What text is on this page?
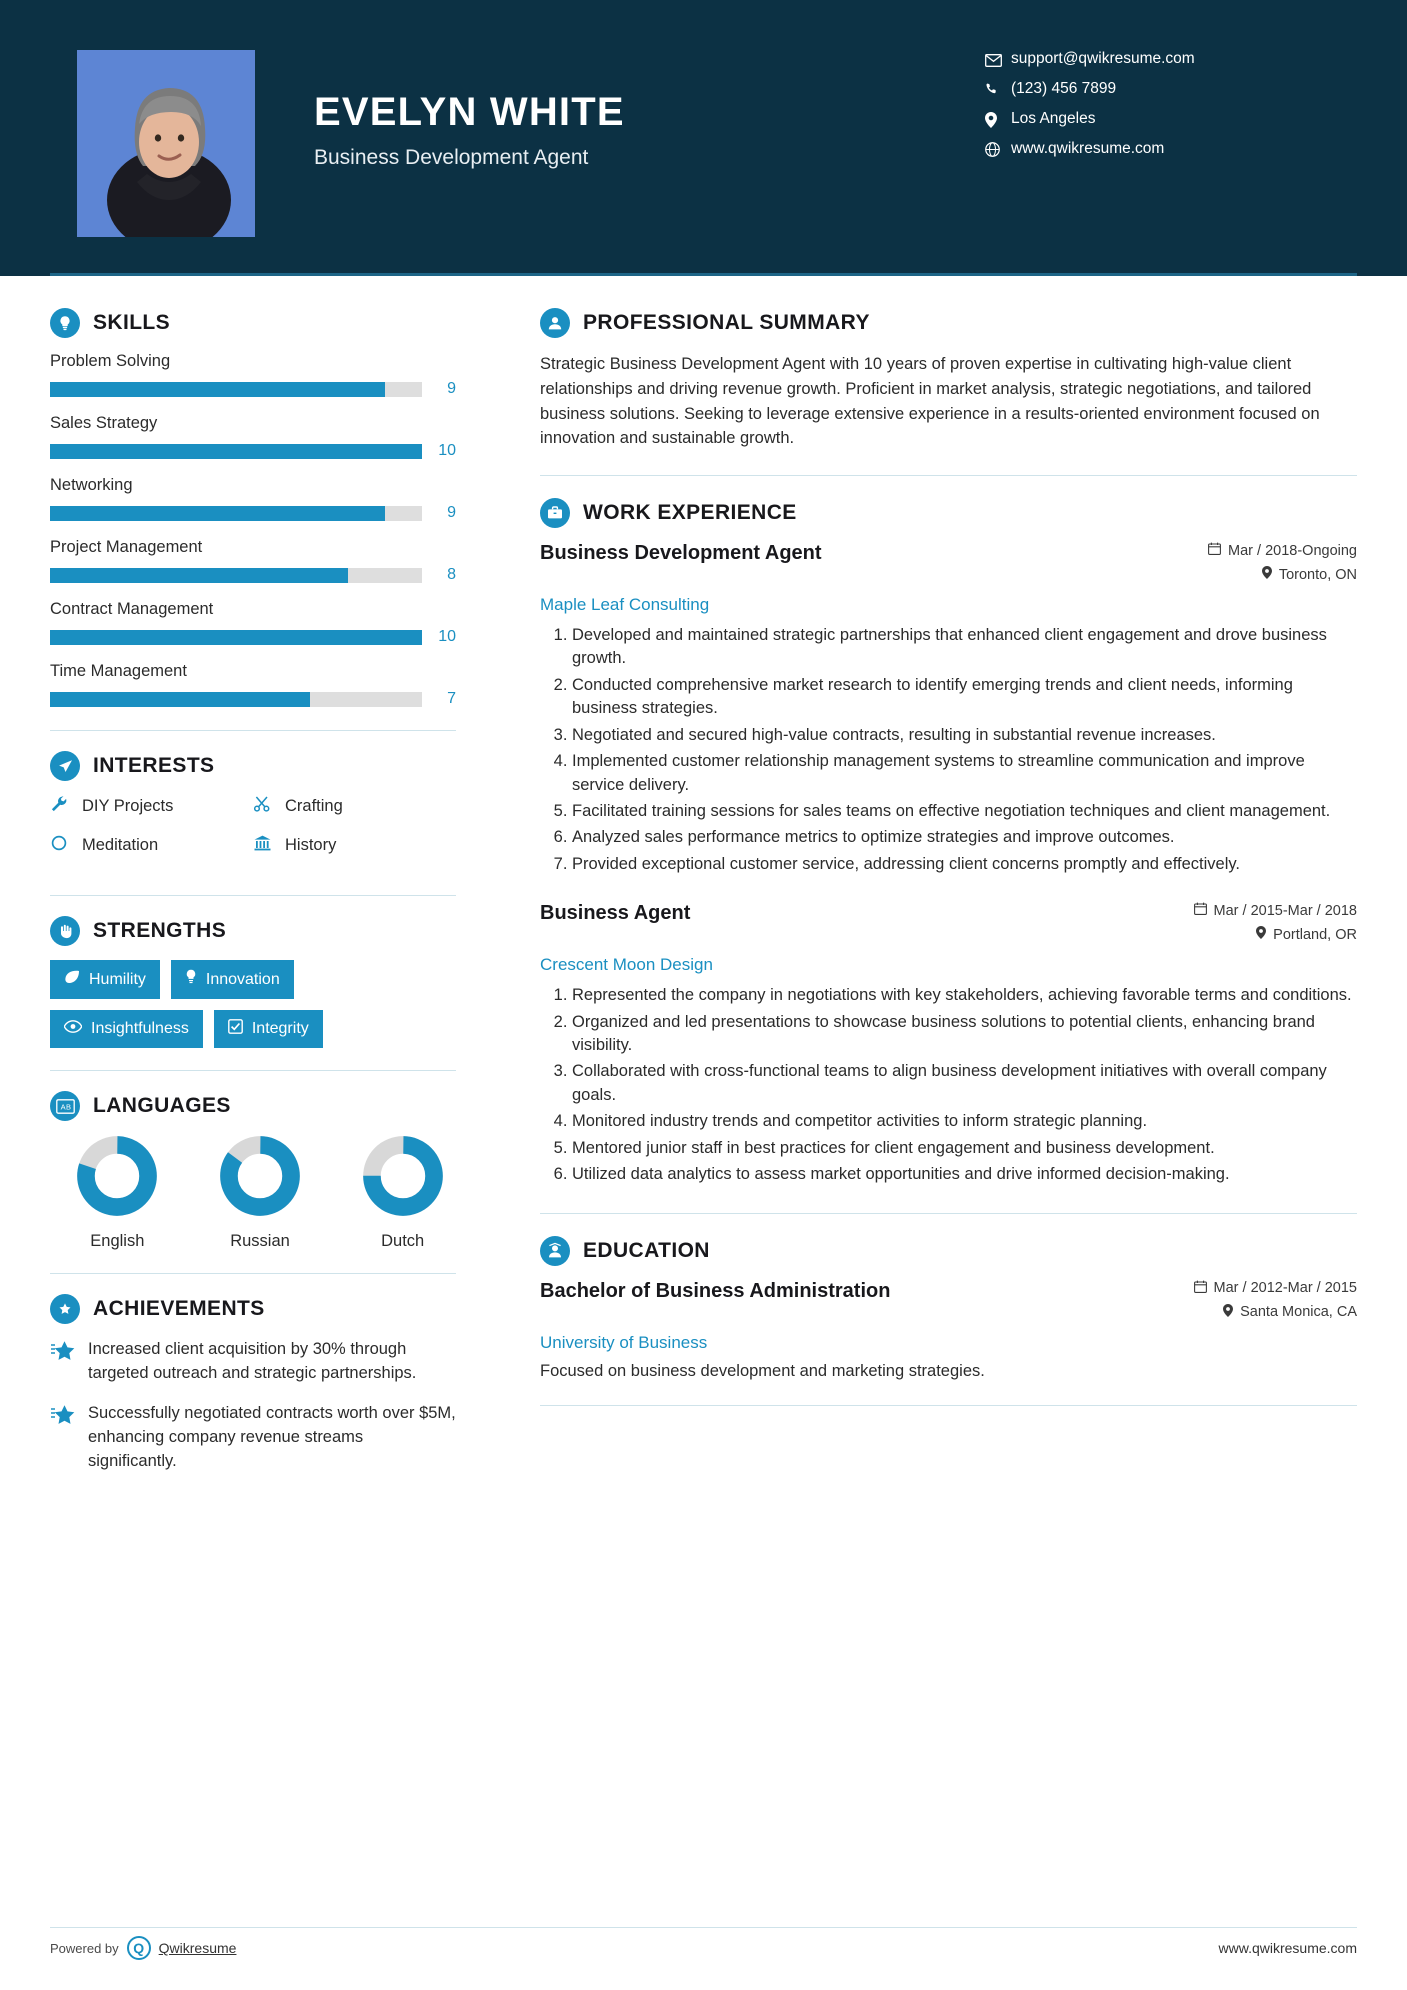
EVELYN WHITE
Business Development Agent
support@qwikresume.com
(123) 456 7899
Los Angeles
www.qwikresume.com
SKILLS
Problem Solving
9
Sales Strategy
10
Networking
9
Project Management
8
Contract Management
10
Time Management
7
INTERESTS
DIY Projects	Crafting
Meditation	History
STRENGTHS
Humility	Innovation
Insightfulness	Integrity
A B LANGUAGES
English	Russian	Dutch
ACHIEVEMENTS
Increased client acquisition by 30% through targeted outreach and strategic partnerships.
Successfully negotiated contracts worth over $5M, enhancing company revenue streams significantly.
PROFESSIONAL SUMMARY
Strategic Business Development Agent with 10 years of proven expertise in cultivating high-value client relationships and driving revenue growth. Proficient in market analysis, strategic negotiations, and tailored business solutions. Seeking to leverage extensive experience in a results-oriented environment focused on innovation and sustainable growth.
WORK EXPERIENCE
Business Development Agent	Mar / 2018-Ongoing
Toronto, ON
Maple Leaf Consulting
1. Developed and maintained strategic partnerships that enhanced client engagement and drove business growth.
2. Conducted comprehensive market research to identify emerging trends and client needs, informing business strategies.
3. Negotiated and secured high-value contracts, resulting in substantial revenue increases.
4. Implemented customer relationship management systems to streamline communication and improve service delivery.
5. Facilitated training sessions for sales teams on effective negotiation techniques and client management.
6. Analyzed sales performance metrics to optimize strategies and improve outcomes.
7. Provided exceptional customer service, addressing client concerns promptly and effectively.
Business Agent	Mar / 2015-Mar / 2018
Portland, OR
Crescent Moon Design
1. Represented the company in negotiations with key stakeholders, achieving favorable terms and conditions.
2. Organized and led presentations to showcase business solutions to potential clients, enhancing brand visibility.
3. Collaborated with cross-functional teams to align business development initiatives with overall company goals.
4. Monitored industry trends and competitor activities to inform strategic planning.
5. Mentored junior staff in best practices for client engagement and business development.
6. Utilized data analytics to assess market opportunities and drive informed decision-making.
EDUCATION
Bachelor of Business Administration	Mar / 2012-Mar / 2015
Santa Monica, CA
University of Business
Focused on business development and marketing strategies.
Powered by	Q	Qwikresume	www.qwikresume.com
